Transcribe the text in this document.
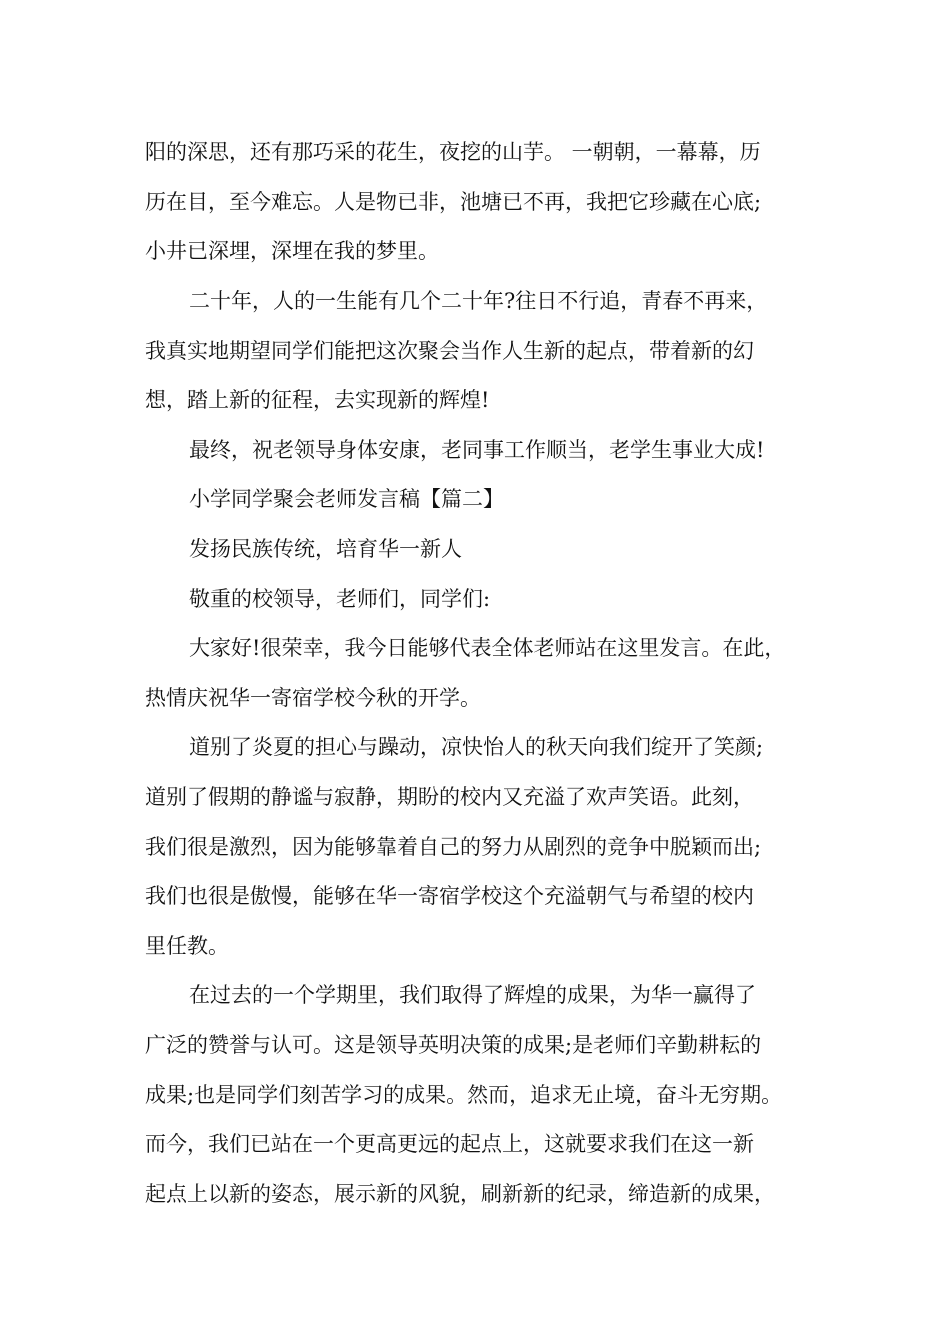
阳的深思，还有那巧采的花生，夜挖的山芋。 一朝朝，一幕幕，历
历在目，至今难忘。人是物已非，池塘已不再，我把它珍藏在心底;
小井已深埋，深埋在我的梦里。
二十年，人的一生能有几个二十年?往日不行追，青春不再来，
我真实地期望同学们能把这次聚会当作人生新的起点，带着新的幻
想，踏上新的征程，去实现新的辉煌!
最终，祝老领导身体安康，老同事工作顺当，老学生事业大成!
小学同学聚会老师发言稿【篇二】
发扬民族传统，培育华一新人
敬重的校领导，老师们，同学们:
大家好!很荣幸，我今日能够代表全体老师站在这里发言。在此，
热情庆祝华一寄宿学校今秋的开学。
道别了炎夏的担心与躁动，凉快怡人的秋天向我们绽开了笑颜;
道别了假期的静谧与寂静，期盼的校内又充溢了欢声笑语。此刻，
我们很是激烈，因为能够靠着自己的努力从剧烈的竞争中脱颖而出;
我们也很是傲慢，能够在华一寄宿学校这个充溢朝气与希望的校内
里任教。
在过去的一个学期里，我们取得了辉煌的成果，为华一赢得了
广泛的赞誉与认可。这是领导英明决策的成果;是老师们辛勤耕耘的
成果;也是同学们刻苦学习的成果。然而，追求无止境，奋斗无穷期。
而今，我们已站在一个更高更远的起点上，这就要求我们在这一新
起点上以新的姿态，展示新的风貌，刷新新的纪录，缔造新的成果，
